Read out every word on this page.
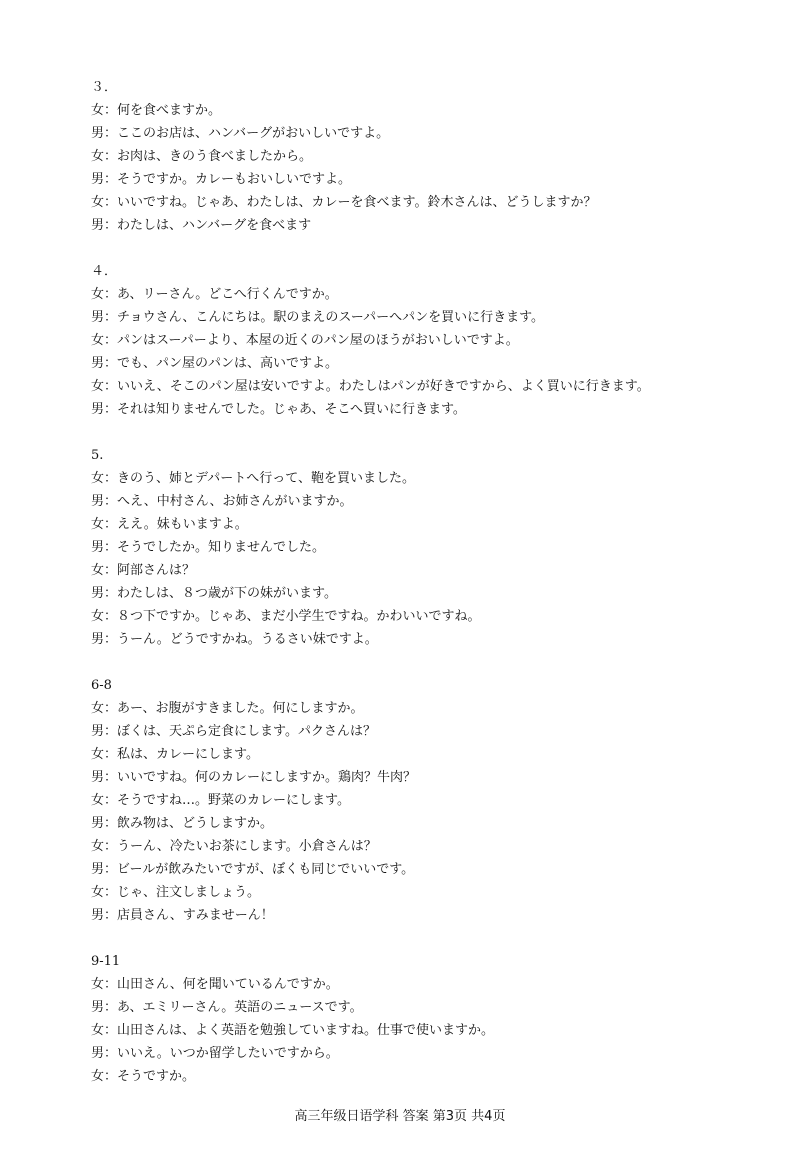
３．
女：何を食べますか。
男：ここのお店は、ハンバーグがおいしいですよ。
女：お肉は、きのう食べましたから。
男：そうですか。カレーもおいしいですよ。
女：いいですね。じゃあ、わたしは、カレーを食べます。鈴木さんは、どうしますか？
男：わたしは、ハンバーグを食べます
４．
女：あ、リーさん。どこへ行くんですか。
男：チョウさん、こんにちは。駅のまえのスーパーへパンを買いに行きます。
女：パンはスーパーより、本屋の近くのパン屋のほうがおいしいですよ。
男：でも、パン屋のパンは、高いですよ。
女：いいえ、そこのパン屋は安いですよ。わたしはパンが好きですから、よく買いに行きます。
男：それは知りませんでした。じゃあ、そこへ買いに行きます。
5.
女：きのう、姉とデパートへ行って、鞄を買いました。
男：へえ、中村さん、お姉さんがいますか。
女：ええ。妹もいますよ。
男：そうでしたか。知りませんでした。
女：阿部さんは？
男：わたしは、８つ歳が下の妹がいます。
女：８つ下ですか。じゃあ、まだ小学生ですね。かわいいですね。
男：うーん。どうですかね。うるさい妹ですよ。
6-8
女：あー、お腹がすきました。何にしますか。
男：ぼくは、天ぷら定食にします。パクさんは？
女：私は、カレーにします。
男：いいですね。何のカレーにしますか。鶏肉？牛肉？
女：そうですね…。野菜のカレーにします。
男：飲み物は、どうしますか。
女：うーん、冷たいお茶にします。小倉さんは？
男：ビールが飲みたいですが、ぼくも同じでいいです。
女：じゃ、注文しましょう。
男：店員さん、すみませーん！
9-11
女：山田さん、何を聞いているんですか。
男：あ、エミリーさん。英語のニュースです。
女：山田さんは、よく英語を勉強していますね。仕事で使いますか。
男：いいえ。いつか留学したいですから。
女：そうですか。
高三年级日语学科 答案 第3页 共4页
